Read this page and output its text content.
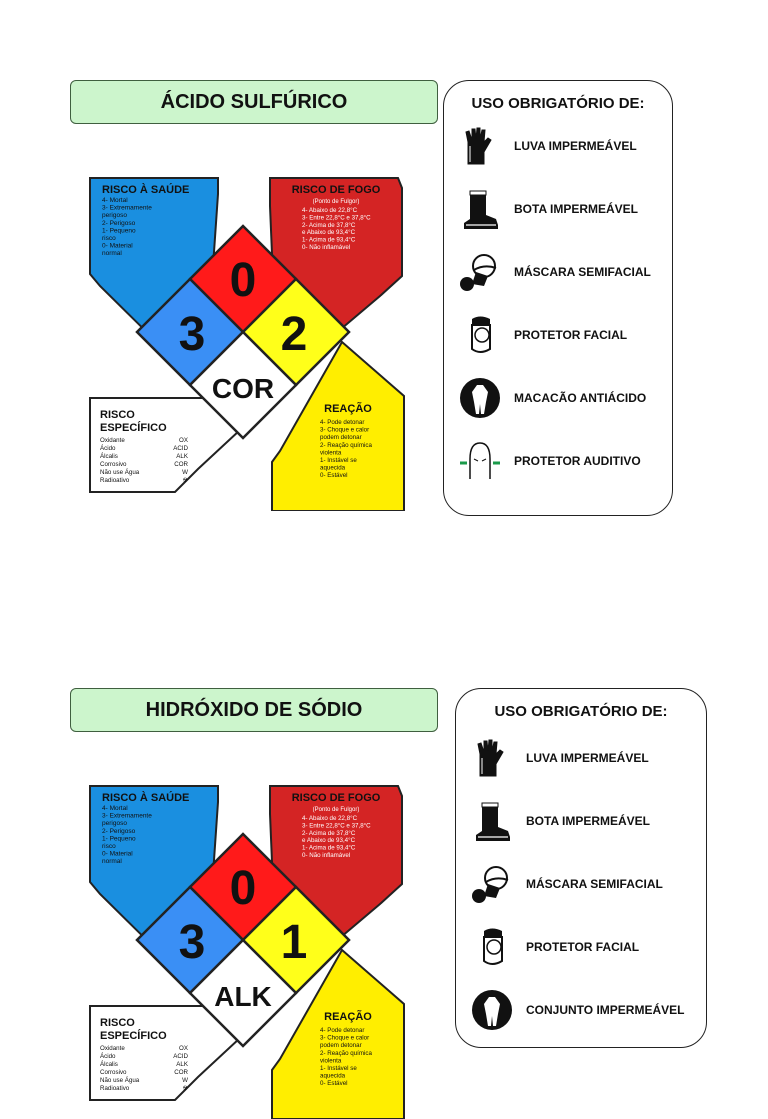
ÁCIDO SULFÚRICO
0
3 2
COR
RISCO À SAÚDE
4- Mortal
3- Extremamente
perigoso
2- Perigoso
1- Pequeno
risco
0- Material
normal
RISCO DE FOGO
(Ponto de Fulgor)
4- Abaixo de 22,8°C
3- Entre 22,8°C e 37,8°C
2- Acima de 37,8°C
e Abaixo de 93,4°C
1- Acima de 93,4°C
0- Não inflamável
RISCO
ESPECÍFICO
Oxidante	OX
Ácido	ACID
Álcalis	ALK
Corrosivo	COR
Não use Água	W
Radioativo	☢
REAÇÃO
4- Pode detonar
3- Choque e calor
podem detonar
2- Reação química
violenta
1- Instável se
aquecida
0- Estável
USO OBRIGATÓRIO DE:
LUVA IMPERMEÁVEL
BOTA IMPERMEÁVEL
MÁSCARA SEMIFACIAL
PROTETOR FACIAL
MACACÃO ANTIÁCIDO
PROTETOR AUDITIVO
HIDRÓXIDO DE SÓDIO
0
3 1
ALK
RISCO À SAÚDE
4- Mortal
3- Extremamente
perigoso
2- Perigoso
1- Pequeno
risco
0- Material
normal
RISCO DE FOGO
(Ponto de Fulgor)
4- Abaixo de 22,8°C
3- Entre 22,8°C e 37,8°C
2- Acima de 37,8°C
e Abaixo de 93,4°C
1- Acima de 93,4°C
0- Não inflamável
RISCO
ESPECÍFICO
Oxidante	OX
Ácido	ACID
Álcalis	ALK
Corrosivo	COR
Não use Água	W
Radioativo	☢
REAÇÃO
4- Pode detonar
3- Choque e calor
podem detonar
2- Reação química
violenta
1- Instável se
aquecida
0- Estável
USO OBRIGATÓRIO DE:
LUVA IMPERMEÁVEL
BOTA IMPERMEÁVEL
MÁSCARA SEMIFACIAL
PROTETOR FACIAL
CONJUNTO IMPERMEÁVEL
